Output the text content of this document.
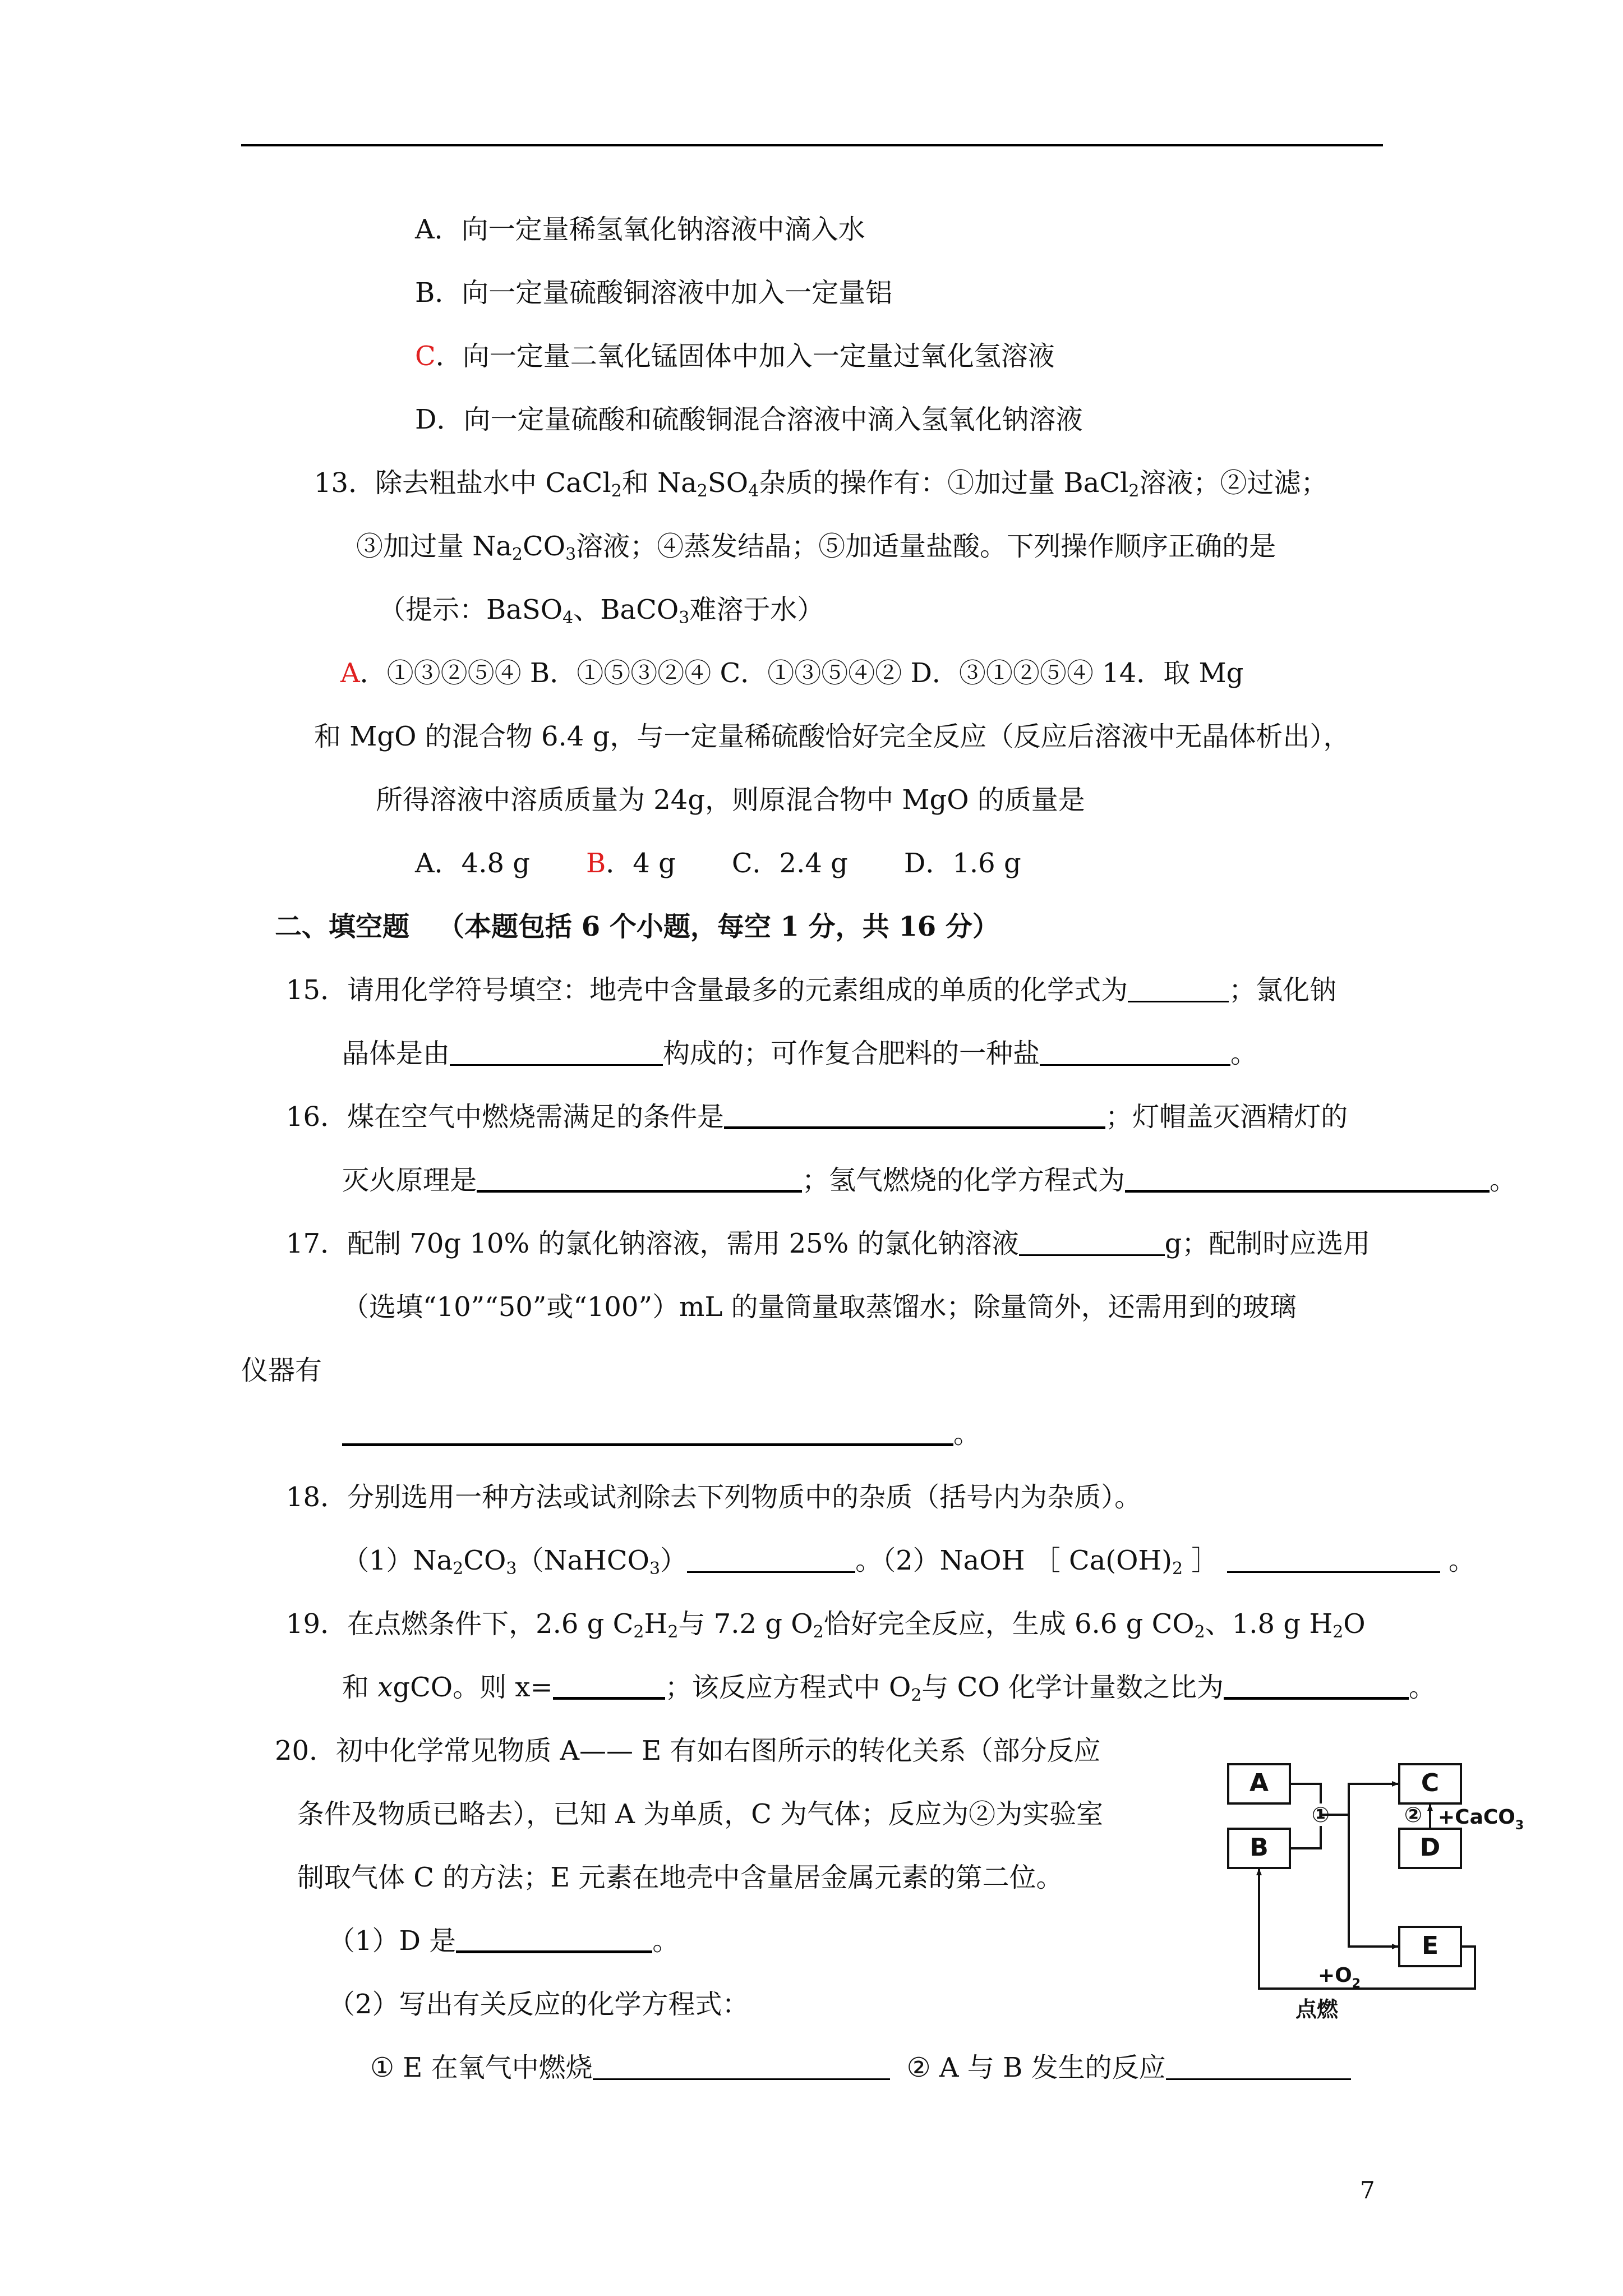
A．向一定量稀氢氧化钠溶液中滴入水
B．向一定量硫酸铜溶液中加入一定量铝
C．向一定量二氧化锰固体中加入一定量过氧化氢溶液
D．向一定量硫酸和硫酸铜混合溶液中滴入氢氧化钠溶液
13．除去粗盐水中 CaCl$_2$和 $Na_2SO_4$杂质的操作有：①加过量 BaCl$_2$溶液；②过滤；
③加过量 $Na_2CO_3$溶液；④蒸发结晶；⑤加适量盐酸。下列操作顺序正确的是
（提示：BaSO$_4$、BaCO$_3$难溶于水）
A．①③②⑤④ B．①⑤③②④ C．①③⑤④② D．③①②⑤④ 14．取 Mg
和 MgO 的混合物 6.4 g，与一定量稀硫酸恰好完全反应（反应后溶液中无晶体析出），
所得溶液中溶质质量为 24g，则原混合物中 MgO 的质量是
A．4.8 g B．4 g C．2.4 g D．1.6 g
二、填空题 （本题包括 6 个小题，每空 1 分，共 16 分）
15．请用化学符号填空：地壳中含量最多的元素组成的单质的化学式为	；氯化钠
晶体是由	构成的；可作复合肥料的一种盐	。
16．煤在空气中燃烧需满足的条件是	；灯帽盖灭酒精灯的
灭火原理是	；氢气燃烧的化学方程式为	。
17．配制 70g 10% 的氯化钠溶液，需用 25% 的氯化钠溶液	g；配制时应选用
（选填“10”“50”或“100”）mL 的量筒量取蒸馏水；除量筒外，还需用到的玻璃
仪器有
。
18．分别选用一种方法或试剂除去下列物质中的杂质（括号内为杂质）。
$(1)Na_2CO_3(NaHCO_3)$	。（2）NaOH ［ $Ca(OH)_2$ ］	。
19．在点燃条件下，2.6 g $C_2H_2$与 7.2 g $O_2$恰好完全反应，生成 6.6 g $CO_2$、1.8 g $H_2O$
和 xgCO。则 x=	；该反应方程式中 $O_2$与 CO 化学计量数之比为	。
20．初中化学常见物质 A—— E 有如右图所示的转化关系（部分反应
条件及物质已略去），已知 A 为单质，C 为气体；反应为②为实验室
制取气体 C 的方法；E 元素在地壳中含量居金属元素的第二位。
（1）D 是	。
（2）写出有关反应的化学方程式：
① E 在氧气中燃烧	② A 与 B 发生的反应
A
B
C
D
E
①	② +CaCO$_3$
$+O_2$
点燃
7
